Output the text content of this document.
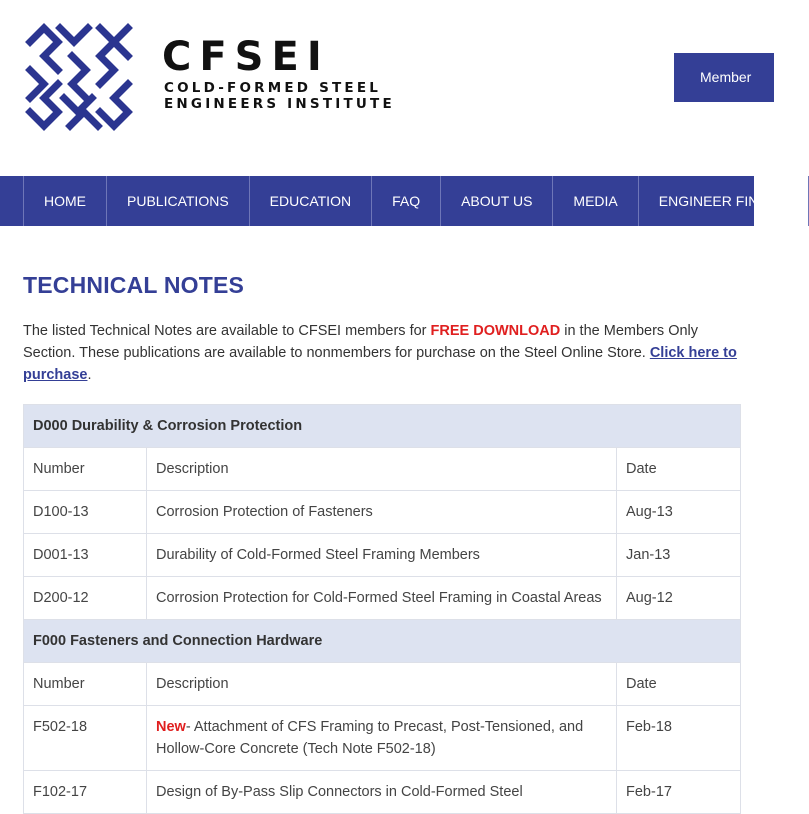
CFSEI
COLD-FORMED STEEL
ENGINEERS INSTITUTE
Member
HOME	PUBLICATIONS	EDUCATION	FAQ	ABOUT US	MEDIA	ENGINEER FINDER
TECHNICAL NOTES

The listed Technical Notes are available to CFSEI members for FREE DOWNLOAD in the Members Only Section. These publications are available to nonmembers for purchase on the Steel Online Store. Click here to purchase.

D000 Durability & Corrosion Protection		
Number	Description	Date
D100-13	Corrosion Protection of Fasteners	Aug-13
D001-13	Durability of Cold-Formed Steel Framing Members	Jan-13
D200-12	Corrosion Protection for Cold-Formed Steel Framing in Coastal Areas	Aug-12
F000 Fasteners and Connection Hardware		
Number	Description	Date
F502-18	New- Attachment of CFS Framing to Precast, Post-Tensioned, and Hollow-Core Concrete (Tech Note F502-18)	Feb-18
F102-17	Design of By-Pass Slip Connectors in Cold-Formed Steel	Feb-17
